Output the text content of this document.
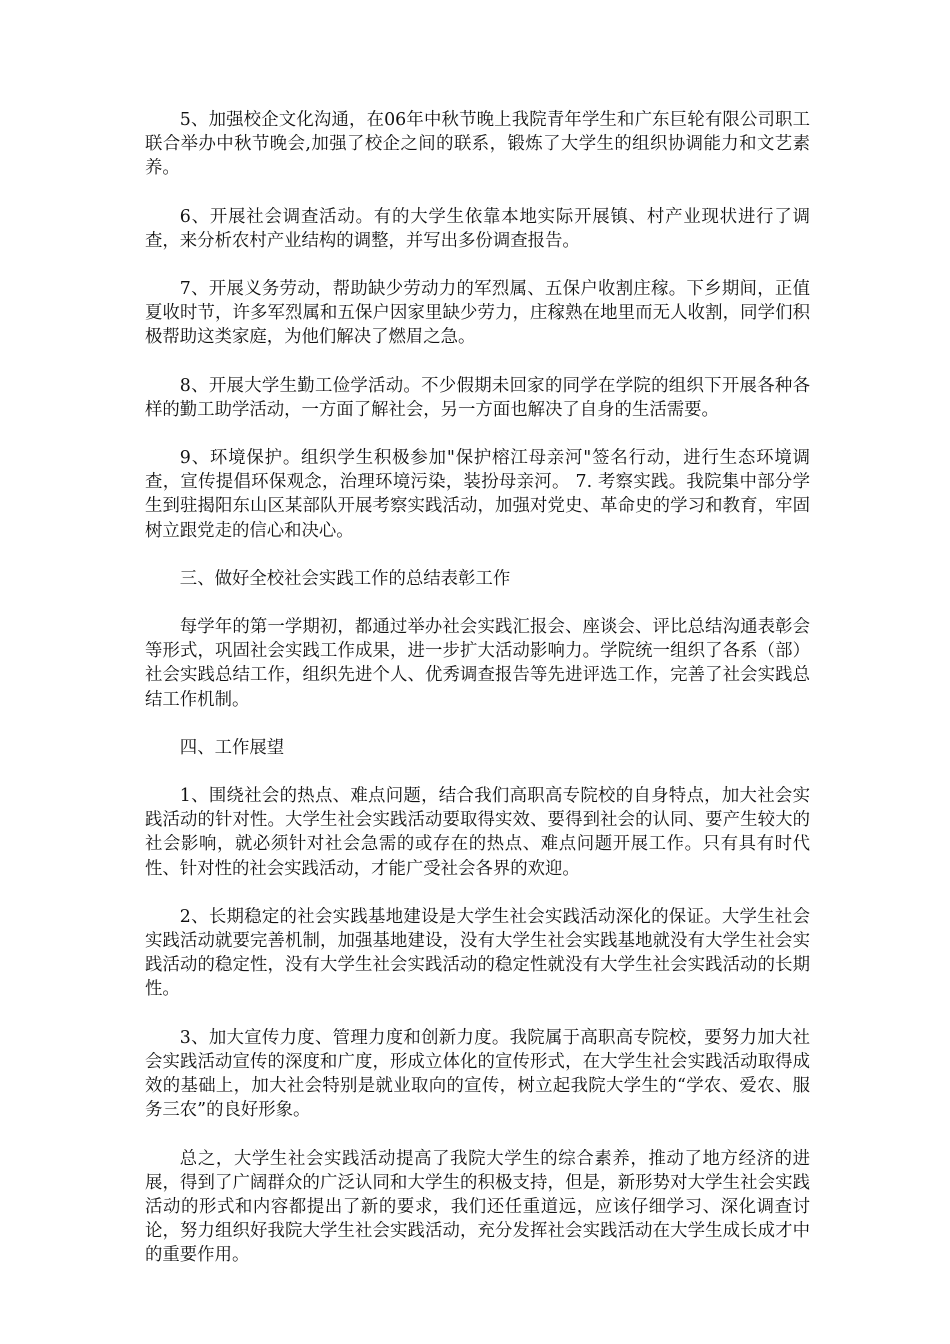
5、加强校企文化沟通，在06年中秋节晚上我院青年学生和广东巨轮有限公司职工联合举办中秋节晚会,加强了校企之间的联系，锻炼了大学生的组织协调能力和文艺素养。

6、开展社会调查活动。有的大学生依靠本地实际开展镇、村产业现状进行了调查，来分析农村产业结构的调整，并写出多份调查报告。

7、开展义务劳动，帮助缺少劳动力的军烈属、五保户收割庄稼。下乡期间，正值夏收时节，许多军烈属和五保户因家里缺少劳力，庄稼熟在地里而无人收割，同学们积极帮助这类家庭，为他们解决了燃眉之急。

8、开展大学生勤工俭学活动。不少假期未回家的同学在学院的组织下开展各种各样的勤工助学活动，一方面了解社会，另一方面也解决了自身的生活需要。

9、环境保护。组织学生积极参加"保护榕江母亲河"签名行动，进行生态环境调查，宣传提倡环保观念，治理环境污染，装扮母亲河。 7. 考察实践。我院集中部分学生到驻揭阳东山区某部队开展考察实践活动，加强对党史、革命史的学习和教育，牢固树立跟党走的信心和决心。

三、做好全校社会实践工作的总结表彰工作

每学年的第一学期初，都通过举办社会实践汇报会、座谈会、评比总结沟通表彰会等形式，巩固社会实践工作成果，进一步扩大活动影响力。学院统一组织了各系（部）社会实践总结工作，组织先进个人、优秀调查报告等先进评选工作，完善了社会实践总结工作机制。

四、工作展望

1、围绕社会的热点、难点问题，结合我们高职高专院校的自身特点，加大社会实践活动的针对性。大学生社会实践活动要取得实效、要得到社会的认同、要产生较大的社会影响，就必须针对社会急需的或存在的热点、难点问题开展工作。只有具有时代性、针对性的社会实践活动，才能广受社会各界的欢迎。

2、长期稳定的社会实践基地建设是大学生社会实践活动深化的保证。大学生社会实践活动就要完善机制，加强基地建设，没有大学生社会实践基地就没有大学生社会实践活动的稳定性，没有大学生社会实践活动的稳定性就没有大学生社会实践活动的长期性。

3、加大宣传力度、管理力度和创新力度。我院属于高职高专院校，要努力加大社会实践活动宣传的深度和广度，形成立体化的宣传形式，在大学生社会实践活动取得成效的基础上，加大社会特别是就业取向的宣传，树立起我院大学生的“学农、爱农、服务三农”的良好形象。

总之，大学生社会实践活动提高了我院大学生的综合素养，推动了地方经济的进展，得到了广阔群众的广泛认同和大学生的积极支持，但是，新形势对大学生社会实践活动的形式和内容都提出了新的要求，我们还任重道远，应该仔细学习、深化调查讨论，努力组织好我院大学生社会实践活动，充分发挥社会实践活动在大学生成长成才中的重要作用。
